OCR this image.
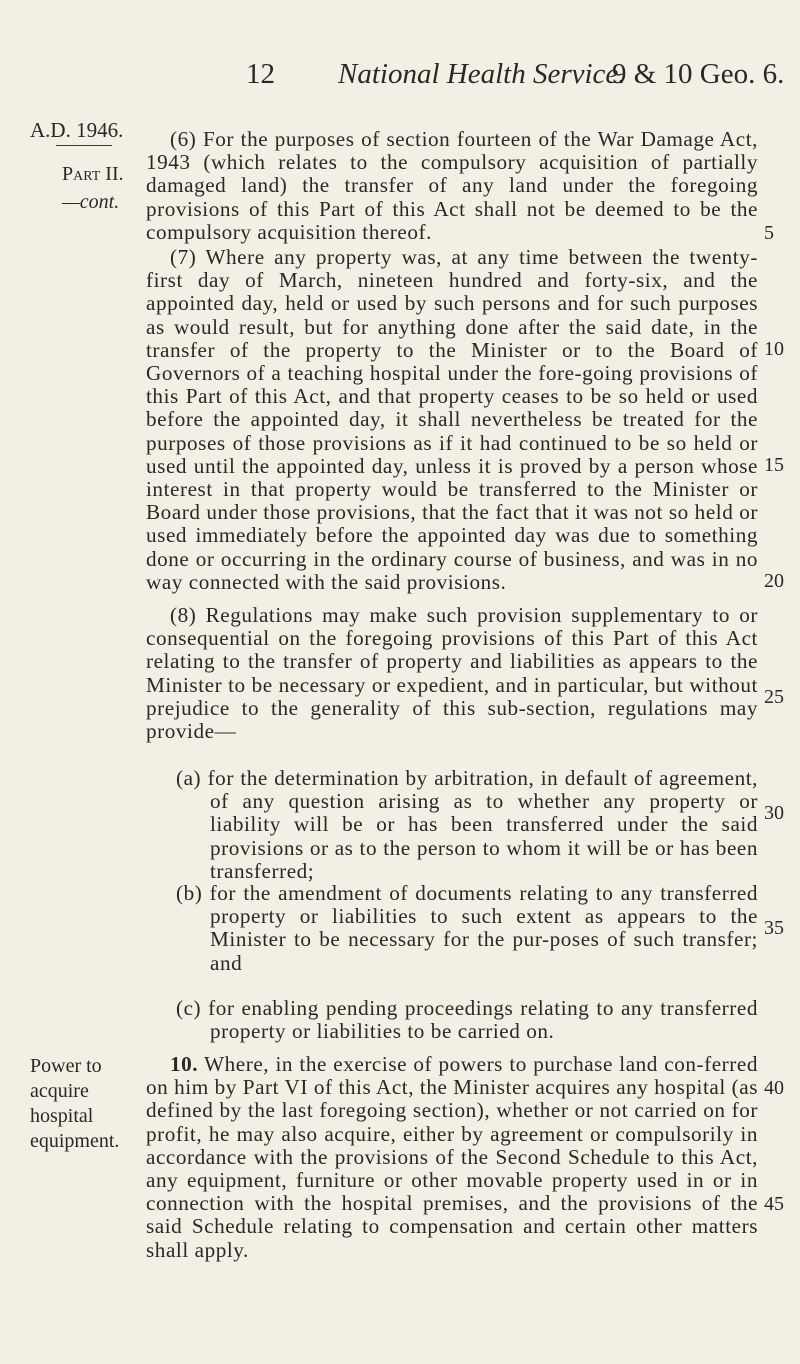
12 National Health Service.
9 & 10 Geo. 6.
A.D. 1946.
Part II.
—cont.
Power to acquire hospital equipment.

(6) For the purposes of section fourteen of the War Damage Act, 1943 (which relates to the compulsory acquisition of partially damaged land) the transfer of any land under the foregoing provisions of this Part of this Act shall not be deemed to be the compulsory acquisition thereof.

(7) Where any property was, at any time between the twenty-first day of March, nineteen hundred and forty-six, and the appointed day, held or used by such persons and for such purposes as would result, but for anything done after the said date, in the transfer of the property to the Minister or to the Board of Governors of a teaching hospital under the fore-going provisions of this Part of this Act, and that property ceases to be so held or used before the appointed day, it shall nevertheless be treated for the purposes of those provisions as if it had continued to be so held or used until the appointed day, unless it is proved by a person whose interest in that property would be transferred to the Minister or Board under those provisions, that the fact that it was not so held or used immediately before the appointed day was due to something done or occurring in the ordinary course of business, and was in no way connected with the said provisions.

(8) Regulations may make such provision supplementary to or consequential on the foregoing provisions of this Part of this Act relating to the transfer of property and liabilities as appears to the Minister to be necessary or expedient, and in particular, but without prejudice to the generality of this sub-section, regulations may provide—

(a) for the determination by arbitration, in default of agreement, of any question arising as to whether any property or liability will be or has been transferred under the said provisions or as to the person to whom it will be or has been transferred;
(b) for the amendment of documents relating to any transferred property or liabilities to such extent as appears to the Minister to be necessary for the pur-poses of such transfer; and
(c) for enabling pending proceedings relating to any transferred property or liabilities to be carried on.

10. Where, in the exercise of powers to purchase land con-ferred on him by Part VI of this Act, the Minister acquires any hospital (as defined by the last foregoing section), whether or not carried on for profit, he may also acquire, either by agreement or compulsorily in accordance with the provisions of the Second Schedule to this Act, any equipment, furniture or other movable property used in or in connection with the hospital premises, and the provisions of the said Schedule relating to compensation and certain other matters shall apply.

5
10
15
20
25
30
35
40
45
